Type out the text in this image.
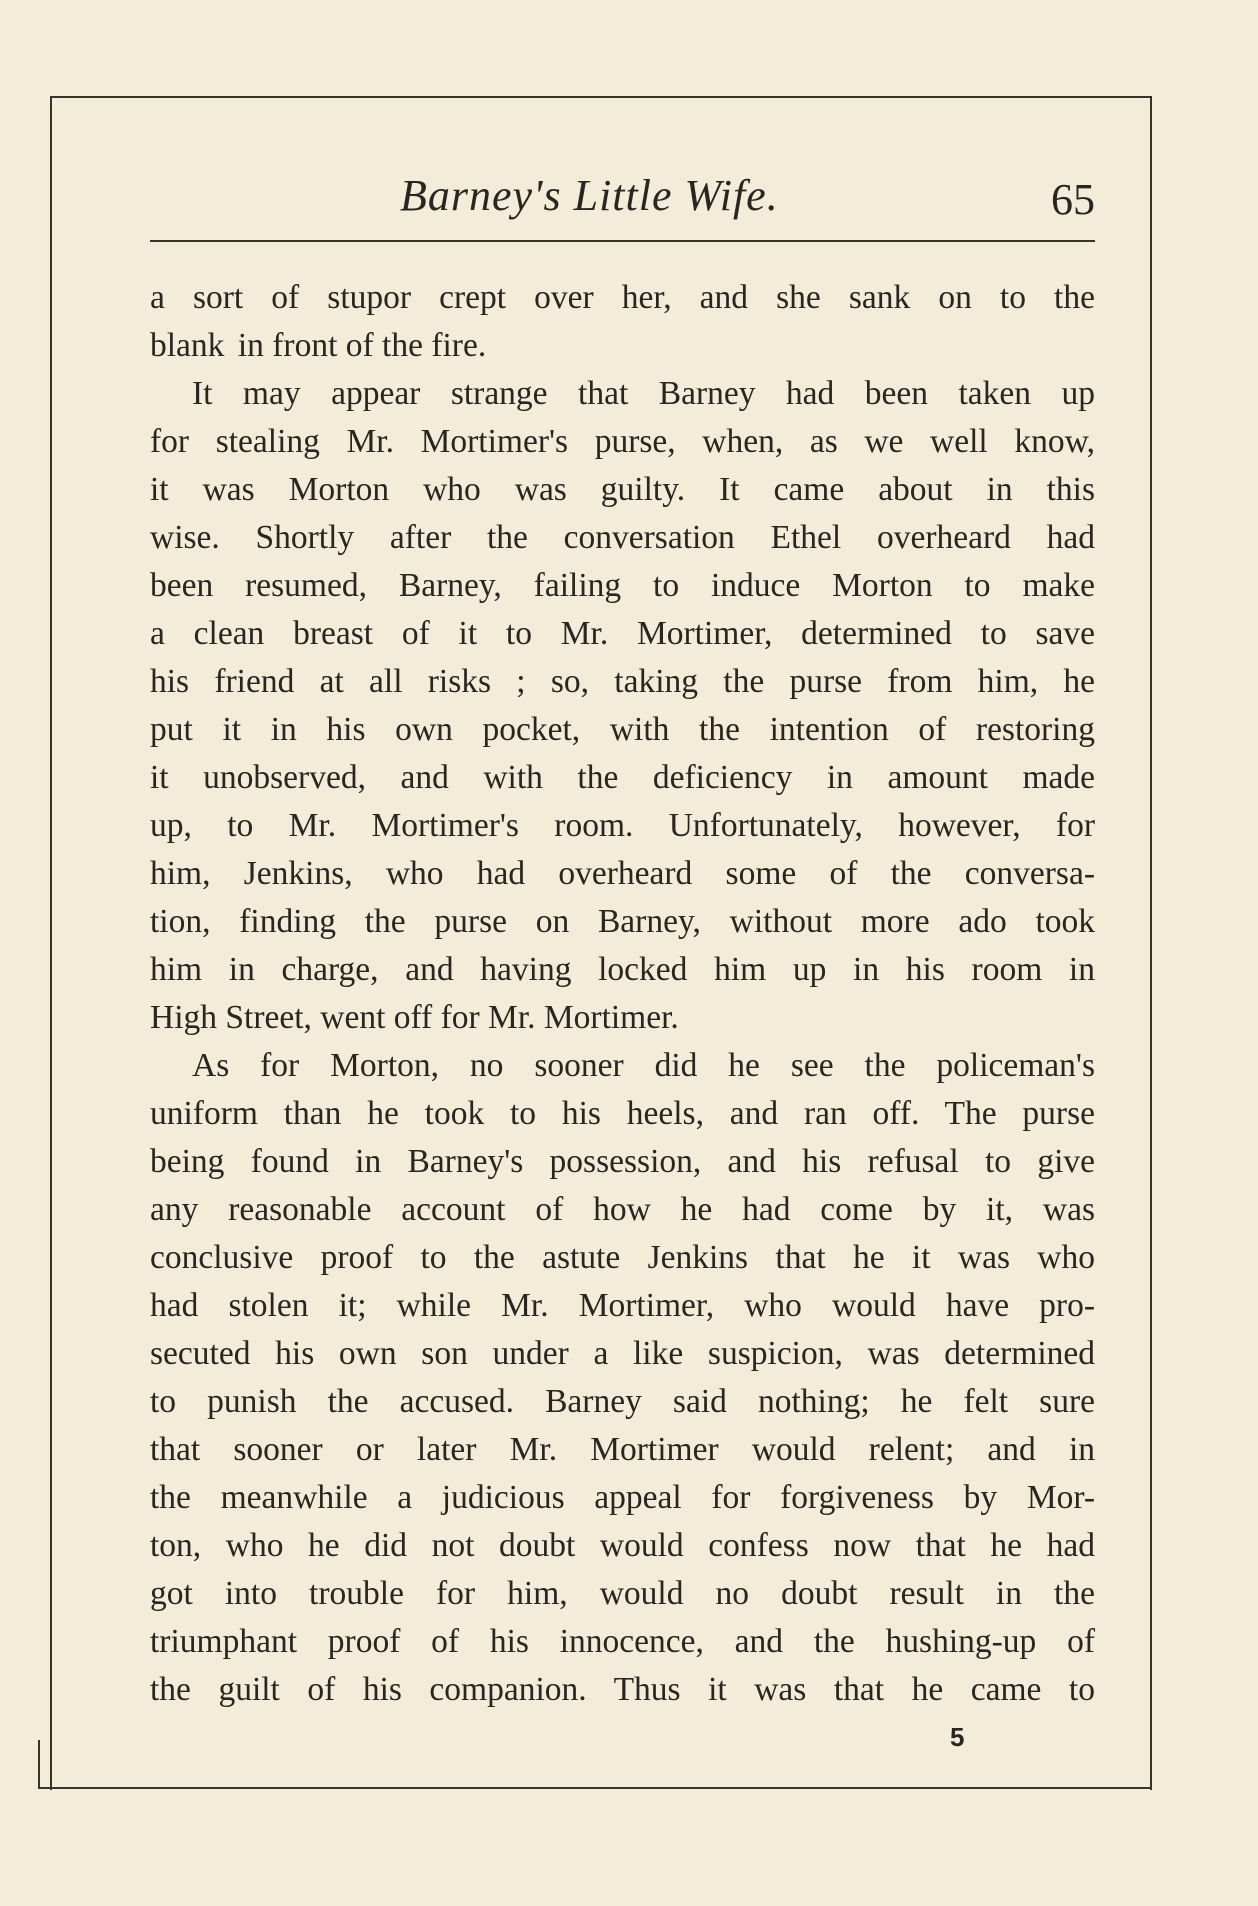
Barney's Little Wife.	65
a sort of stupor crept over her, and she sank on to the
blank  in front of the fire.
It may appear strange that Barney had been taken up
for stealing Mr. Mortimer's purse, when, as we well know,
it was Morton who was guilty. It came about in this
wise. Shortly after the conversation Ethel overheard had
been resumed, Barney, failing to induce Morton to make
a clean breast of it to Mr. Mortimer, determined to save
his friend at all risks ; so, taking the purse from him, he
put it in his own pocket, with the intention of restoring
it unobserved, and with the deficiency in amount made
up, to Mr. Mortimer's room. Unfortunately, however, for
him, Jenkins, who had overheard some of the conversa-
tion, finding the purse on Barney, without more ado took
him in charge, and having locked him up in his room in
High Street, went off for Mr. Mortimer.
As for Morton, no sooner did he see the policeman's
uniform than he took to his heels, and ran off. The purse
being found in Barney's possession, and his refusal to give
any reasonable account of how he had come by it, was
conclusive proof to the astute Jenkins that he it was who
had stolen it; while Mr. Mortimer, who would have pro-
secuted his own son under a like suspicion, was determined
to punish the accused. Barney said nothing; he felt sure
that sooner or later Mr. Mortimer would relent; and in
the meanwhile a judicious appeal for forgiveness by Mor-
ton, who he did not doubt would confess now that he had
got into trouble for him, would no doubt result in the
triumphant proof of his innocence, and the hushing-up of
the guilt of his companion. Thus it was that he came to
5
